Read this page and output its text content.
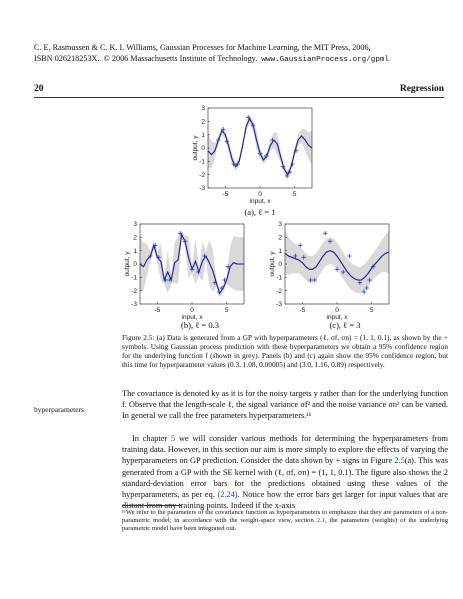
C. E. Rasmussen & C. K. I. Williams, Gaussian Processes for Machine Learning, the MIT Press, 2006,
ISBN 026218253X. © 2006 Massachusetts Institute of Technology. www.GaussianProcess.org/gpml
20	Regression
-3
-2
-1
0
1
2
3
-5	0	5
input, x
output, y
(a), ℓ = 1
-3
-2
-1
0
1
2
3
-5	0	5
input, x
output, y
(b), ℓ = 0.3
-3
-2
-1
0
1
2
3
-5	0	5
input, x
output, y
(c), ℓ = 3
Figure 2.5: (a) Data is generated from a GP with hyperparameters (ℓ, σf, σn) = (1, 1, 0.1), as shown by the + symbols. Using Gaussian process prediction with these hyperparameters we obtain a 95% confidence region for the underlying function f (shown in grey). Panels (b) and (c) again show the 95% confidence region, but this time for hyperparameter values (0.3, 1.08, 0.00005) and (3.0, 1.16, 0.89) respectively.
The covariance is denoted ky as it is for the noisy targets y rather than for the underlying function f. Observe that the length-scale ℓ, the signal variance σf² and the noise variance σn² can be varied. In general we call the free parameters hyperparameters.¹¹
hyperparameters
In chapter 5 we will consider various methods for determining the hyperparameters from training data. However, in this section our aim is more simply to explore the effects of varying the hyperparameters on GP prediction. Consider the data shown by + signs in Figure 2.5(a). This was generated from a GP with the SE kernel with (ℓ, σf, σn) = (1, 1, 0.1). The figure also shows the 2 standard-deviation error bars for the predictions obtained using these values of the hyperparameters, as per eq. (2.24). Notice how the error bars get larger for input values that are distant from any training points. Indeed if the x-axis
¹¹We refer to the parameters of the covariance function as hyperparameters to emphasize that they are parameters of a non-parametric model; in accordance with the weight-space view, section 2.1, the parameters (weights) of the underlying parametric model have been integrated out.
